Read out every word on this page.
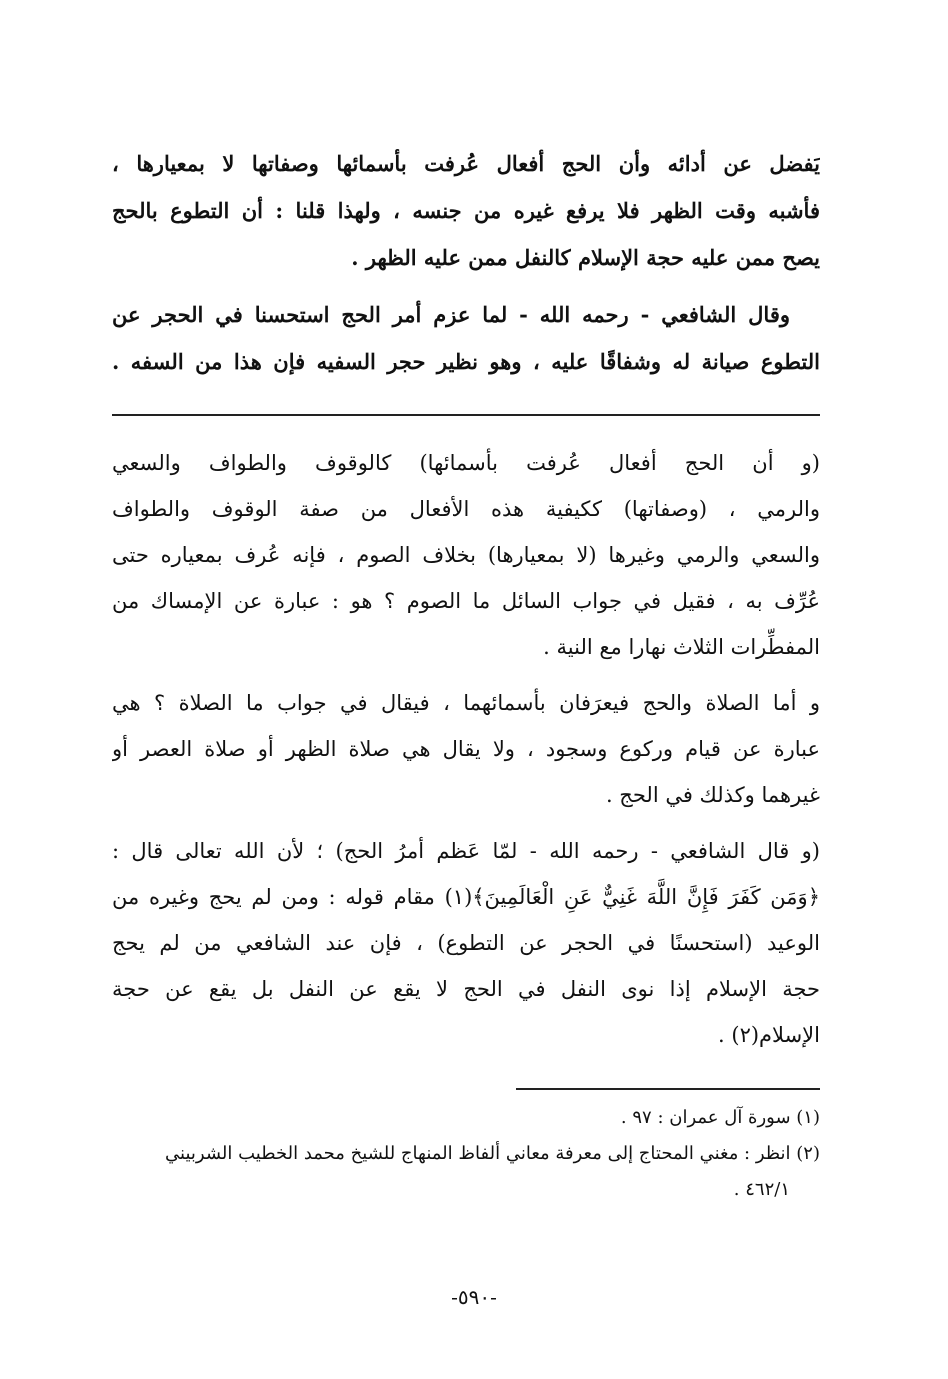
يَفضل عن أدائه وأن الحج أفعال عُرفت بأسمائها وصفاتها لا بمعيارها ،
فأشبه وقت الظهر فلا يرفع غيره من جنسه ، ولهذا قلنا : أن التطوع بالحج
يصح ممن عليه حجة الإسلام كالنفل ممن عليه الظهر .
وقال الشافعي - رحمه الله - لما عزم أمر الحج استحسنا في الحجر عن
التطوع صيانة له وشفاقًا عليه ، وهو نظير حجر السفيه فإن هذا من السفه .
(و أن الحج أفعال عُرفت بأسمائها) كالوقوف والطواف والسعي
والرمي ، (وصفاتها) ككيفية هذه الأفعال من صفة الوقوف والطواف
والسعي والرمي وغيرها (لا بمعيارها) بخلاف الصوم ، فإنه عُرف بمعياره حتى
عُرِّف به ، فقيل في جواب السائل ما الصوم ؟ هو : عبارة عن الإمساك من
المفطِّرات الثلاث نهارا مع النية .
و أما الصلاة والحج فيعرَفان بأسمائهما ، فيقال في جواب ما الصلاة ؟ هي
عبارة عن قيام وركوع وسجود ، ولا يقال هي صلاة الظهر أو صلاة العصر أو
غيرهما وكذلك في الحج .
(و قال الشافعي - رحمه الله - لمّا عَظم أمرُ الحج) ؛ لأن الله تعالى قال :
﴿وَمَن كَفَرَ فَإِنَّ اللَّهَ غَنِيٌّ عَنِ الْعَالَمِينَ﴾(١) مقام قوله : ومن لم يحج وغيره من
الوعيد (استحسنًا في الحجر عن التطوع) ، فإن عند الشافعي من لم يحج
حجة الإسلام إذا نوى النفل في الحج لا يقع عن النفل بل يقع عن حجة
الإسلام(٢) .
(١) سورة آل عمران : ٩٧ .
(٢) انظر : مغني المحتاج إلى معرفة معاني ألفاظ المنهاج للشيخ محمد الخطيب الشربيني
٤٦٢/١ .
-٥٩٠-
